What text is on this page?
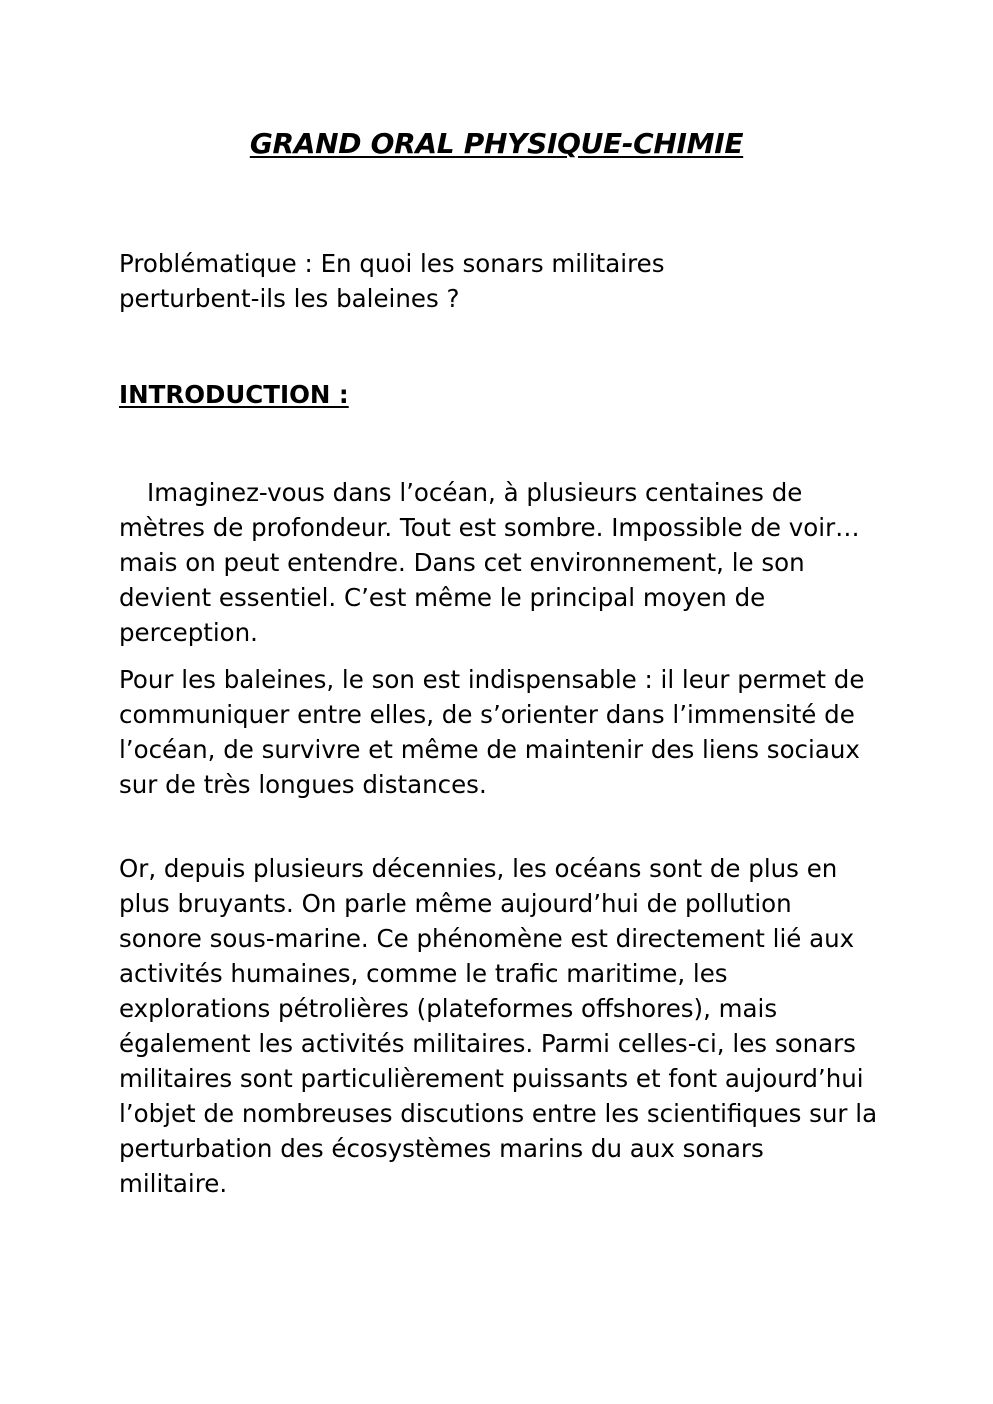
GRAND ORAL PHYSIQUE-CHIMIE

Problématique : En quoi les sonars militaires perturbent-ils les baleines ?

INTRODUCTION :

Imaginez-vous dans l’océan, à plusieurs centaines de mètres de profondeur. Tout est sombre. Impossible de voir…mais on peut entendre. Dans cet environnement, le son devient essentiel. C’est même le principal moyen de perception.

Pour les baleines, le son est indispensable : il leur permet de communiquer entre elles, de s’orienter dans l’immensité de l’océan, de survivre et même de maintenir des liens sociaux sur de très longues distances.

Or, depuis plusieurs décennies, les océans sont de plus en plus bruyants. On parle même aujourd’hui de pollution sonore sous-marine. Ce phénomène est directement lié aux activités humaines, comme le trafic maritime, les explorations pétrolières (plateformes offshores), mais également les activités militaires. Parmi celles-ci, les sonars militaires sont particulièrement puissants et font aujourd’hui l’objet de nombreuses discutions entre les scientifiques sur la perturbation des écosystèmes marins du aux sonars militaire.
